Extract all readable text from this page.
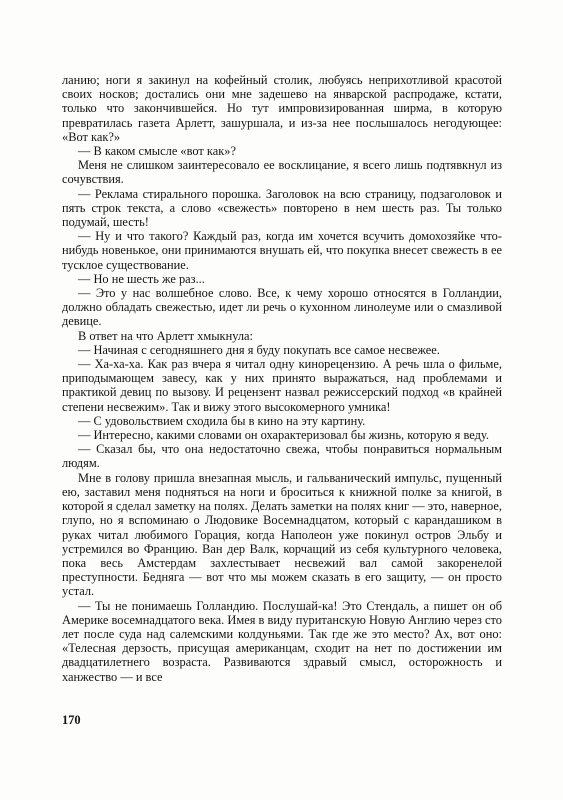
ланию; ноги я закинул на кофейный столик, любуясь неприхотливой красотой своих носков; достались они мне задешево на январской распродаже, кстати, только что закончившейся. Но тут импровизированная ширма, в которую превратилась газета Арлетт, зашуршала, и из-за нее послышалось негодующее: «Вот как?»

— В каком смысле «вот как»?

Меня не слишком заинтересовало ее восклицание, я всего лишь подтявкнул из сочувствия.

— Реклама стирального порошка. Заголовок на всю страницу, подзаголовок и пять строк текста, а слово «свежесть» повторено в нем шесть раз. Ты только подумай, шесть!

— Ну и что такого? Каждый раз, когда им хочется всучить домохозяйке что-нибудь новенькое, они принимаются внушать ей, что покупка внесет свежесть в ее тусклое существование.

— Но не шесть же раз...

— Это у нас волшебное слово. Все, к чему хорошо относятся в Голландии, должно обладать свежестью, идет ли речь о кухонном линолеуме или о смазливой девице.

В ответ на что Арлетт хмыкнула:

— Начиная с сегодняшнего дня я буду покупать все самое несвежее.

— Ха-ха-ха. Как раз вчера я читал одну кинорецензию. А речь шла о фильме, приподымающем завесу, как у них принято выражаться, над проблемами и практикой девиц по вызову. И рецензент назвал режиссерский подход «в крайней степени несвежим». Так и вижу этого высокомерного умника!

— С удовольствием сходила бы в кино на эту картину.

— Интересно, какими словами он охарактеризовал бы жизнь, которую я веду.

— Сказал бы, что она недостаточно свежа, чтобы понравиться нормальным людям.

Мне в голову пришла внезапная мысль, и гальванический импульс, пущенный ею, заставил меня подняться на ноги и броситься к книжной полке за книгой, в которой я сделал заметку на полях. Делать заметки на полях книг — это, наверное, глупо, но я вспоминаю о Людовике Восемнадцатом, который с карандашиком в руках читал любимого Горация, когда Наполеон уже покинул остров Эльбу и устремился во Францию. Ван дер Валк, корчащий из себя культурного человека, пока весь Амстердам захлестывает несвежий вал самой закоренелой преступности. Бедняга — вот что мы можем сказать в его защиту, — он просто устал.

— Ты не понимаешь Голландию. Послушай-ка! Это Стендаль, а пишет он об Америке восемнадцатого века. Имея в виду пуританскую Новую Англию через сто лет после суда над салемскими колдуньями. Так где же это место? Ах, вот оно: «Телесная дерзость, присущая американцам, сходит на нет по достижении им двадцатилетнего возраста. Развиваются здравый смысл, осторожность и ханжество — и все

170
